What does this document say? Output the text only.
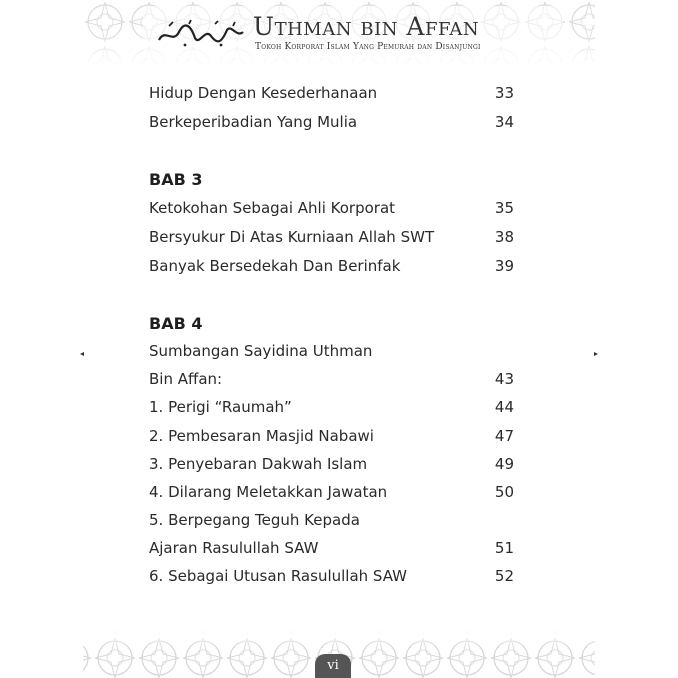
Uthman bin Affan
Tokoh Korporat Islam Yang Pemurah dan Disanjungi
Hidup Dengan Kesederhanaan	33
Berkeperibadian Yang Mulia	34
BAB 3
Ketokohan Sebagai Ahli Korporat	35
Bersyukur Di Atas Kurniaan Allah SWT	38
Banyak Bersedekah Dan Berinfak	39
BAB 4
Sumbangan Sayidina Uthman
Bin Affan:	43
1. Perigi “Raumah”	44
2. Pembesaran Masjid Nabawi	47
3. Penyebaran Dakwah Islam	49
4. Dilarang Meletakkan Jawatan	50
5. Berpegang Teguh Kepada
Ajaran Rasulullah SAW	51
6. Sebagai Utusan Rasulullah SAW	52
vi
